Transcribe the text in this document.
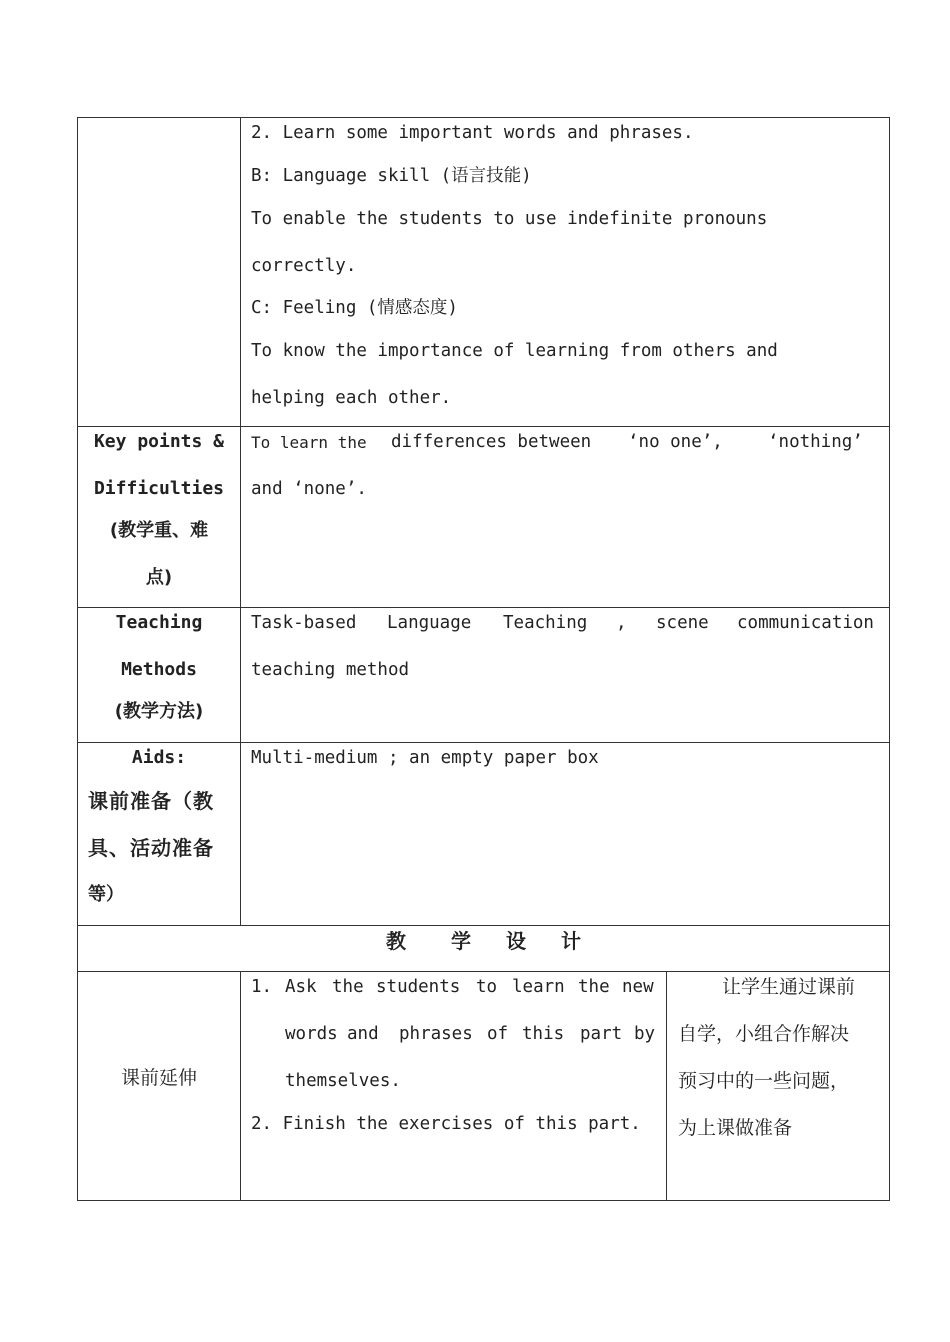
2. Learn some important words and phrases.
B: Language skill (语言技能)
To enable the students to use indefinite pronouns
correctly.
C: Feeling (情感态度)
To know the importance of learning from others and
helping each other.
Key points &
Difficulties
(教学重、难
点)
To learn the differences between ‘no one’,	‘nothing’
and ‘none’.
Teaching
Methods
(教学方法)
Task-based Language Teaching , scene communication
teaching method
Aids:
课前准备（教
具、活动准备
等）
Multi-medium ; an empty paper box
教 学 设 计
课前延伸
1. Ask the students to learn the new
words and phrases of this part by
themselves.
2. Finish the exercises of this part.
让学生通过课前
自学，小组合作解决
预习中的一些问题，
为上课做准备
